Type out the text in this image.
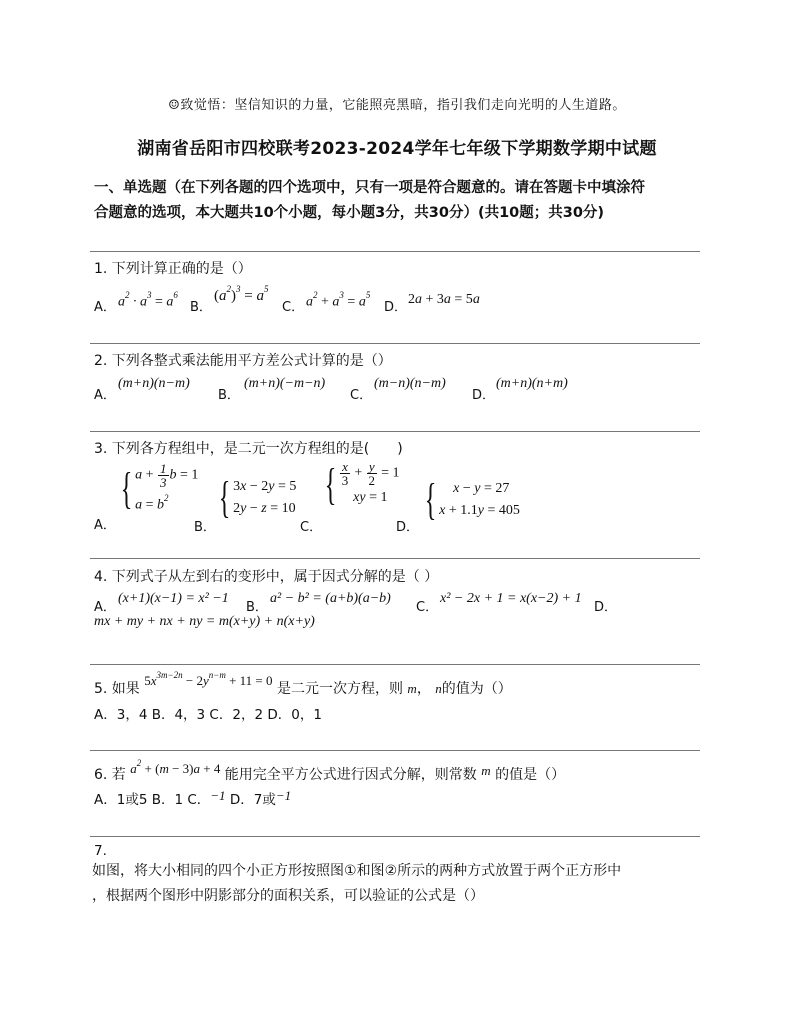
☺致觉悟：坚信知识的力量，它能照亮黑暗，指引我们走向光明的人生道路。
湖南省岳阳市四校联考2023-2024学年七年级下学期数学期中试题
一、单选题（在下列各题的四个选项中，只有一项是符合题意的。请在答题卡中填涂符
合题意的选项，本大题共10个小题，每小题3分，共30分）(共10题；共30分)
1. 下列计算正确的是（）
A． $a^2 \cdot a^3 = a^6$
B．
$(a^2)^3 = a^5$
C． $a^2 + a^3 = a^5$
D．
2a + 3a = 5a
2. 下列各整式乘法能用平方差公式计算的是（）
A．
(m+n)(n−m)
B．
(m+n)(−m−n)
C．
(m−n)(n−m)
D．
(m+n)(n+m)
3. 下列各方程组中，是二元一次方程组的是(　　)
A．
{ $a + \frac{1}{3}$ b = 1
$a = b^2$
B．
{ 3x − 2y = 5
2y − z = 10
C．
{ $\frac{x}{3} + \frac{y}{2} = 1$
xy = 1
D．
{	x − y = 27
x + 1.1y = 405
4. 下列式子从左到右的变形中，属于因式分解的是（ ）
A．
(x+1)(x−1) = x² −1
B．
a² − b² = (a+b)(a−b)
C．
x² − 2x + 1 = x(x−2) + 1
D．
mx + my + nx + ny = m(x+y) + n(x+y)
5. 如果 $5x^{3m-2n} - 2y^{n-m} + 11 = 0$ 是二元一次方程，则 m， n的值为（）
A．3，4 B．4，3 C．2，2 D．0，1
6. 若 $a^2 + (m - 3)a + 4$ 能用完全平方公式进行因式分解，则常数 m 的值是（）
A．1或5 B．1 C．−1 D．7或−1
7.
如图，将大小相同的四个小正方形按照图①和图②所示的两种方式放置于两个正方形中
，根据两个图形中阴影部分的面积关系，可以验证的公式是（）
